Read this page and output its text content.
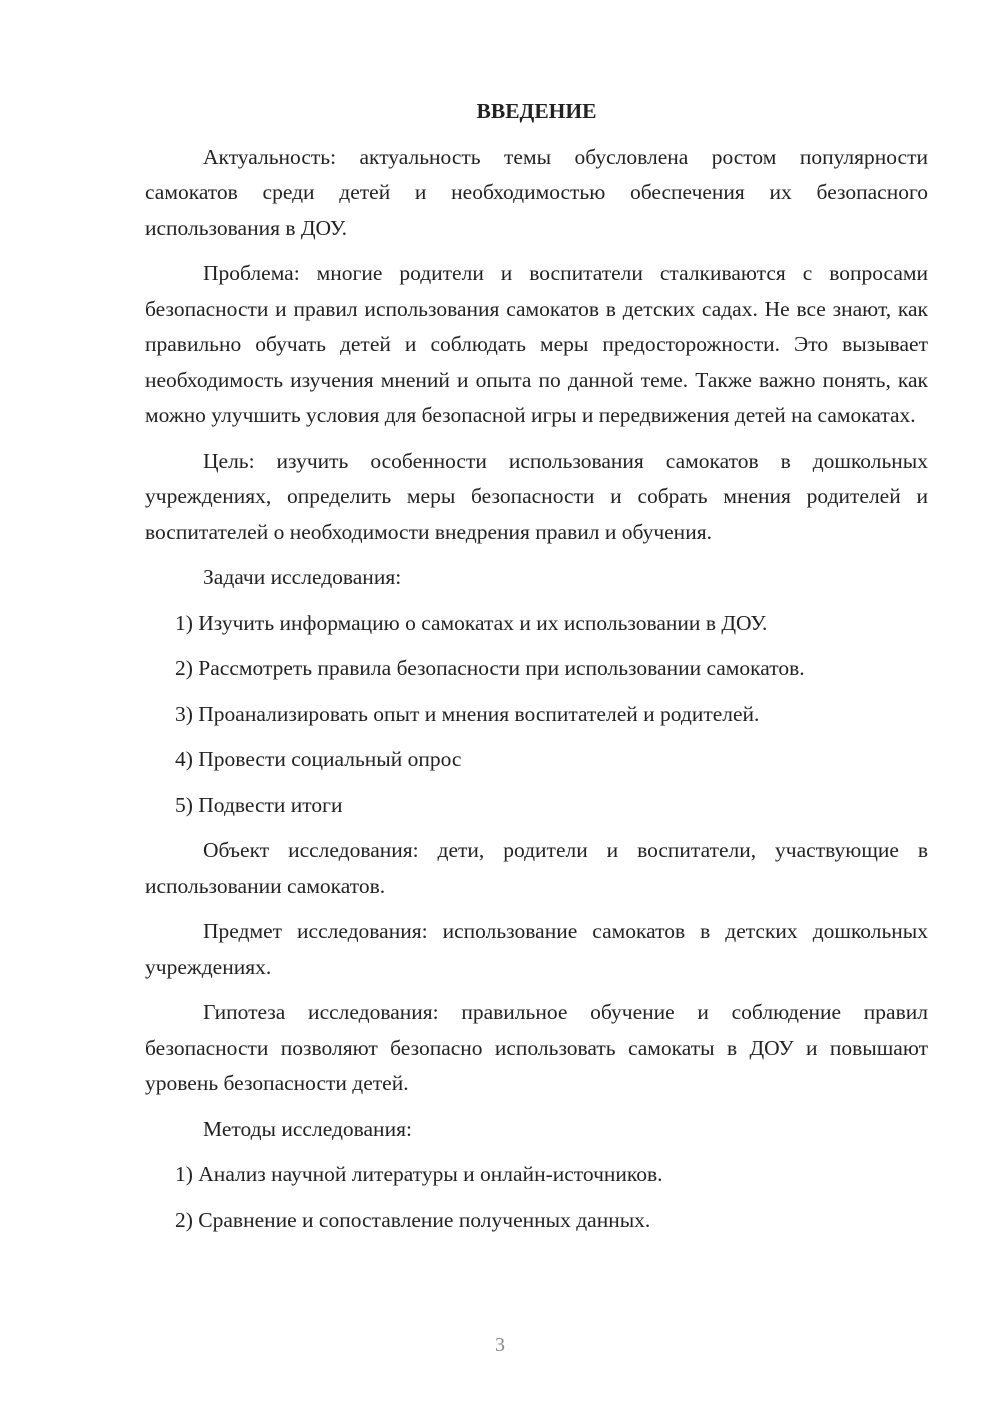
ВВЕДЕНИЕ
Актуальность: актуальность темы обусловлена ростом популярности самокатов среди детей и необходимостью обеспечения их безопасного использования в ДОУ.
Проблема: многие родители и воспитатели сталкиваются с вопросами безопасности и правил использования самокатов в детских садах. Не все знают, как правильно обучать детей и соблюдать меры предосторожности. Это вызывает необходимость изучения мнений и опыта по данной теме. Также важно понять, как можно улучшить условия для безопасной игры и передвижения детей на самокатах.
Цель: изучить особенности использования самокатов в дошкольных учреждениях, определить меры безопасности и собрать мнения родителей и воспитателей о необходимости внедрения правил и обучения.
Задачи исследования:
1) Изучить информацию о самокатах и их использовании в ДОУ.
2) Рассмотреть правила безопасности при использовании самокатов.
3) Проанализировать опыт и мнения воспитателей и родителей.
4) Провести социальный опрос
5) Подвести итоги
Объект исследования: дети, родители и воспитатели, участвующие в использовании самокатов.
Предмет исследования: использование самокатов в детских дошкольных учреждениях.
Гипотеза исследования: правильное обучение и соблюдение правил безопасности позволяют безопасно использовать самокаты в ДОУ и повышают уровень безопасности детей.
Методы исследования:
1) Анализ научной литературы и онлайн-источников.
2) Сравнение и сопоставление полученных данных.
3
